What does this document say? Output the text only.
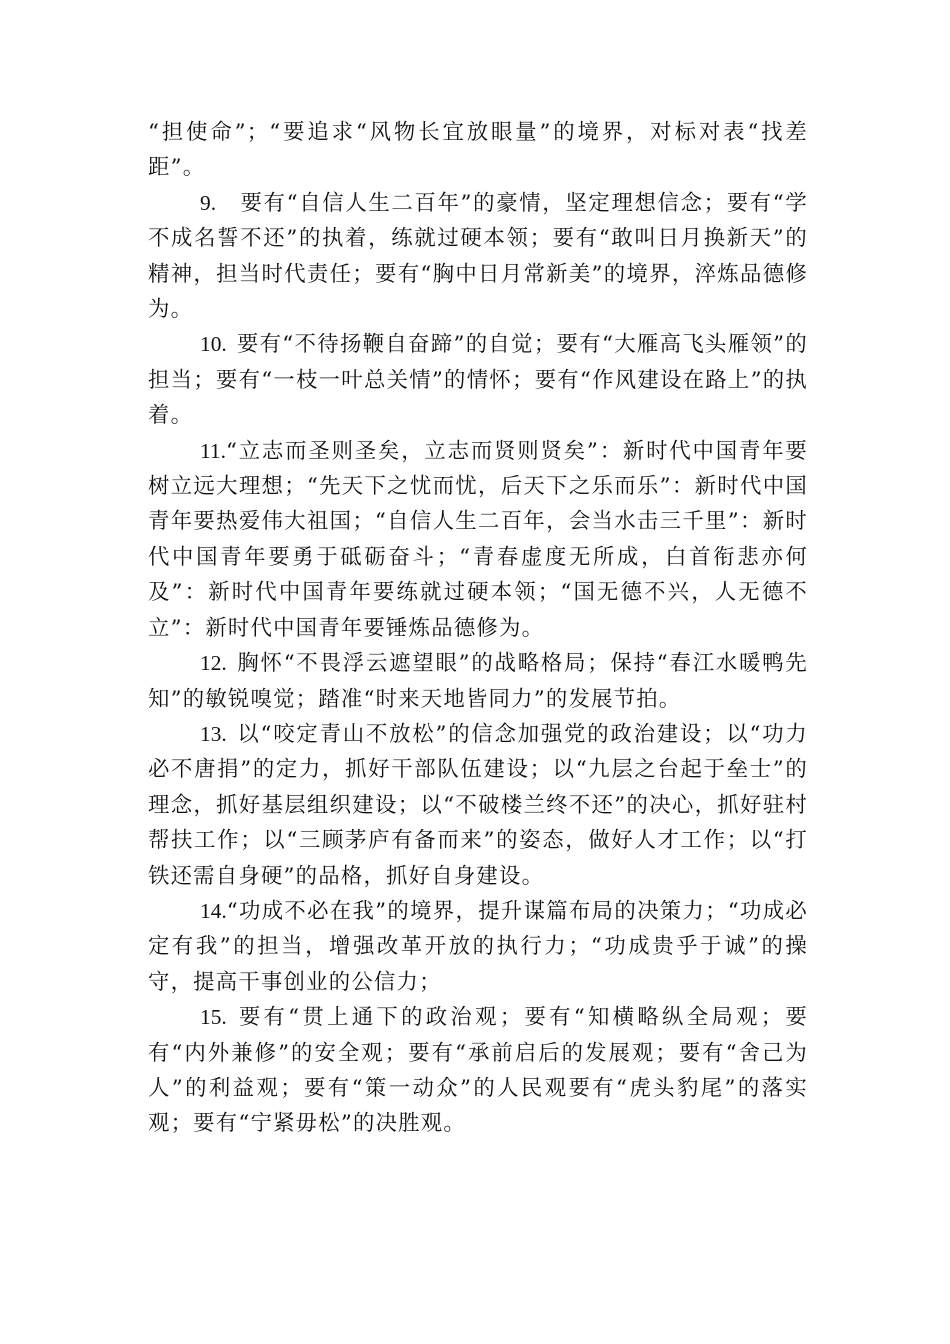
“担使命”；“要追求“风物长宜放眼量”的境界，对标对表“找差距”。

9. 要有“自信人生二百年”的豪情，坚定理想信念；要有“学不成名誓不还”的执着，练就过硬本领；要有“敢叫日月换新天”的精神，担当时代责任；要有“胸中日月常新美”的境界，淬炼品德修为。

10. 要有“不待扬鞭自奋蹄”的自觉；要有“大雁高飞头雁领”的担当；要有“一枝一叶总关情”的情怀；要有“作风建设在路上”的执着。

11.“立志而圣则圣矣，立志而贤则贤矣”：新时代中国青年要树立远大理想；“先天下之忧而忧，后天下之乐而乐”：新时代中国青年要热爱伟大祖国；“自信人生二百年，会当水击三千里”：新时代中国青年要勇于砥砺奋斗；“青春虚度无所成，白首衔悲亦何及”：新时代中国青年要练就过硬本领；“国无德不兴，人无德不立”：新时代中国青年要锤炼品德修为。

12. 胸怀“不畏浮云遮望眼”的战略格局；保持“春江水暖鸭先知”的敏锐嗅觉；踏准“时来天地皆同力”的发展节拍。

13. 以“咬定青山不放松”的信念加强党的政治建设；以“功力必不唐捐”的定力，抓好干部队伍建设；以“九层之台起于垒士”的理念，抓好基层组织建设；以“不破楼兰终不还”的决心，抓好驻村帮扶工作；以“三顾茅庐有备而来”的姿态，做好人才工作；以“打铁还需自身硬”的品格，抓好自身建设。

14.“功成不必在我”的境界，提升谋篇布局的决策力；“功成必定有我”的担当，增强改革开放的执行力；“功成贵乎于诚”的操守，提高干事创业的公信力；

15. 要有“贯上通下的政治观；要有“知横略纵全局观；要有“内外兼修”的安全观；要有“承前启后的发展观；要有“舍己为人”的利益观；要有“策一动众”的人民观要有“虎头豹尾”的落实观；要有“宁紧毋松”的决胜观。
